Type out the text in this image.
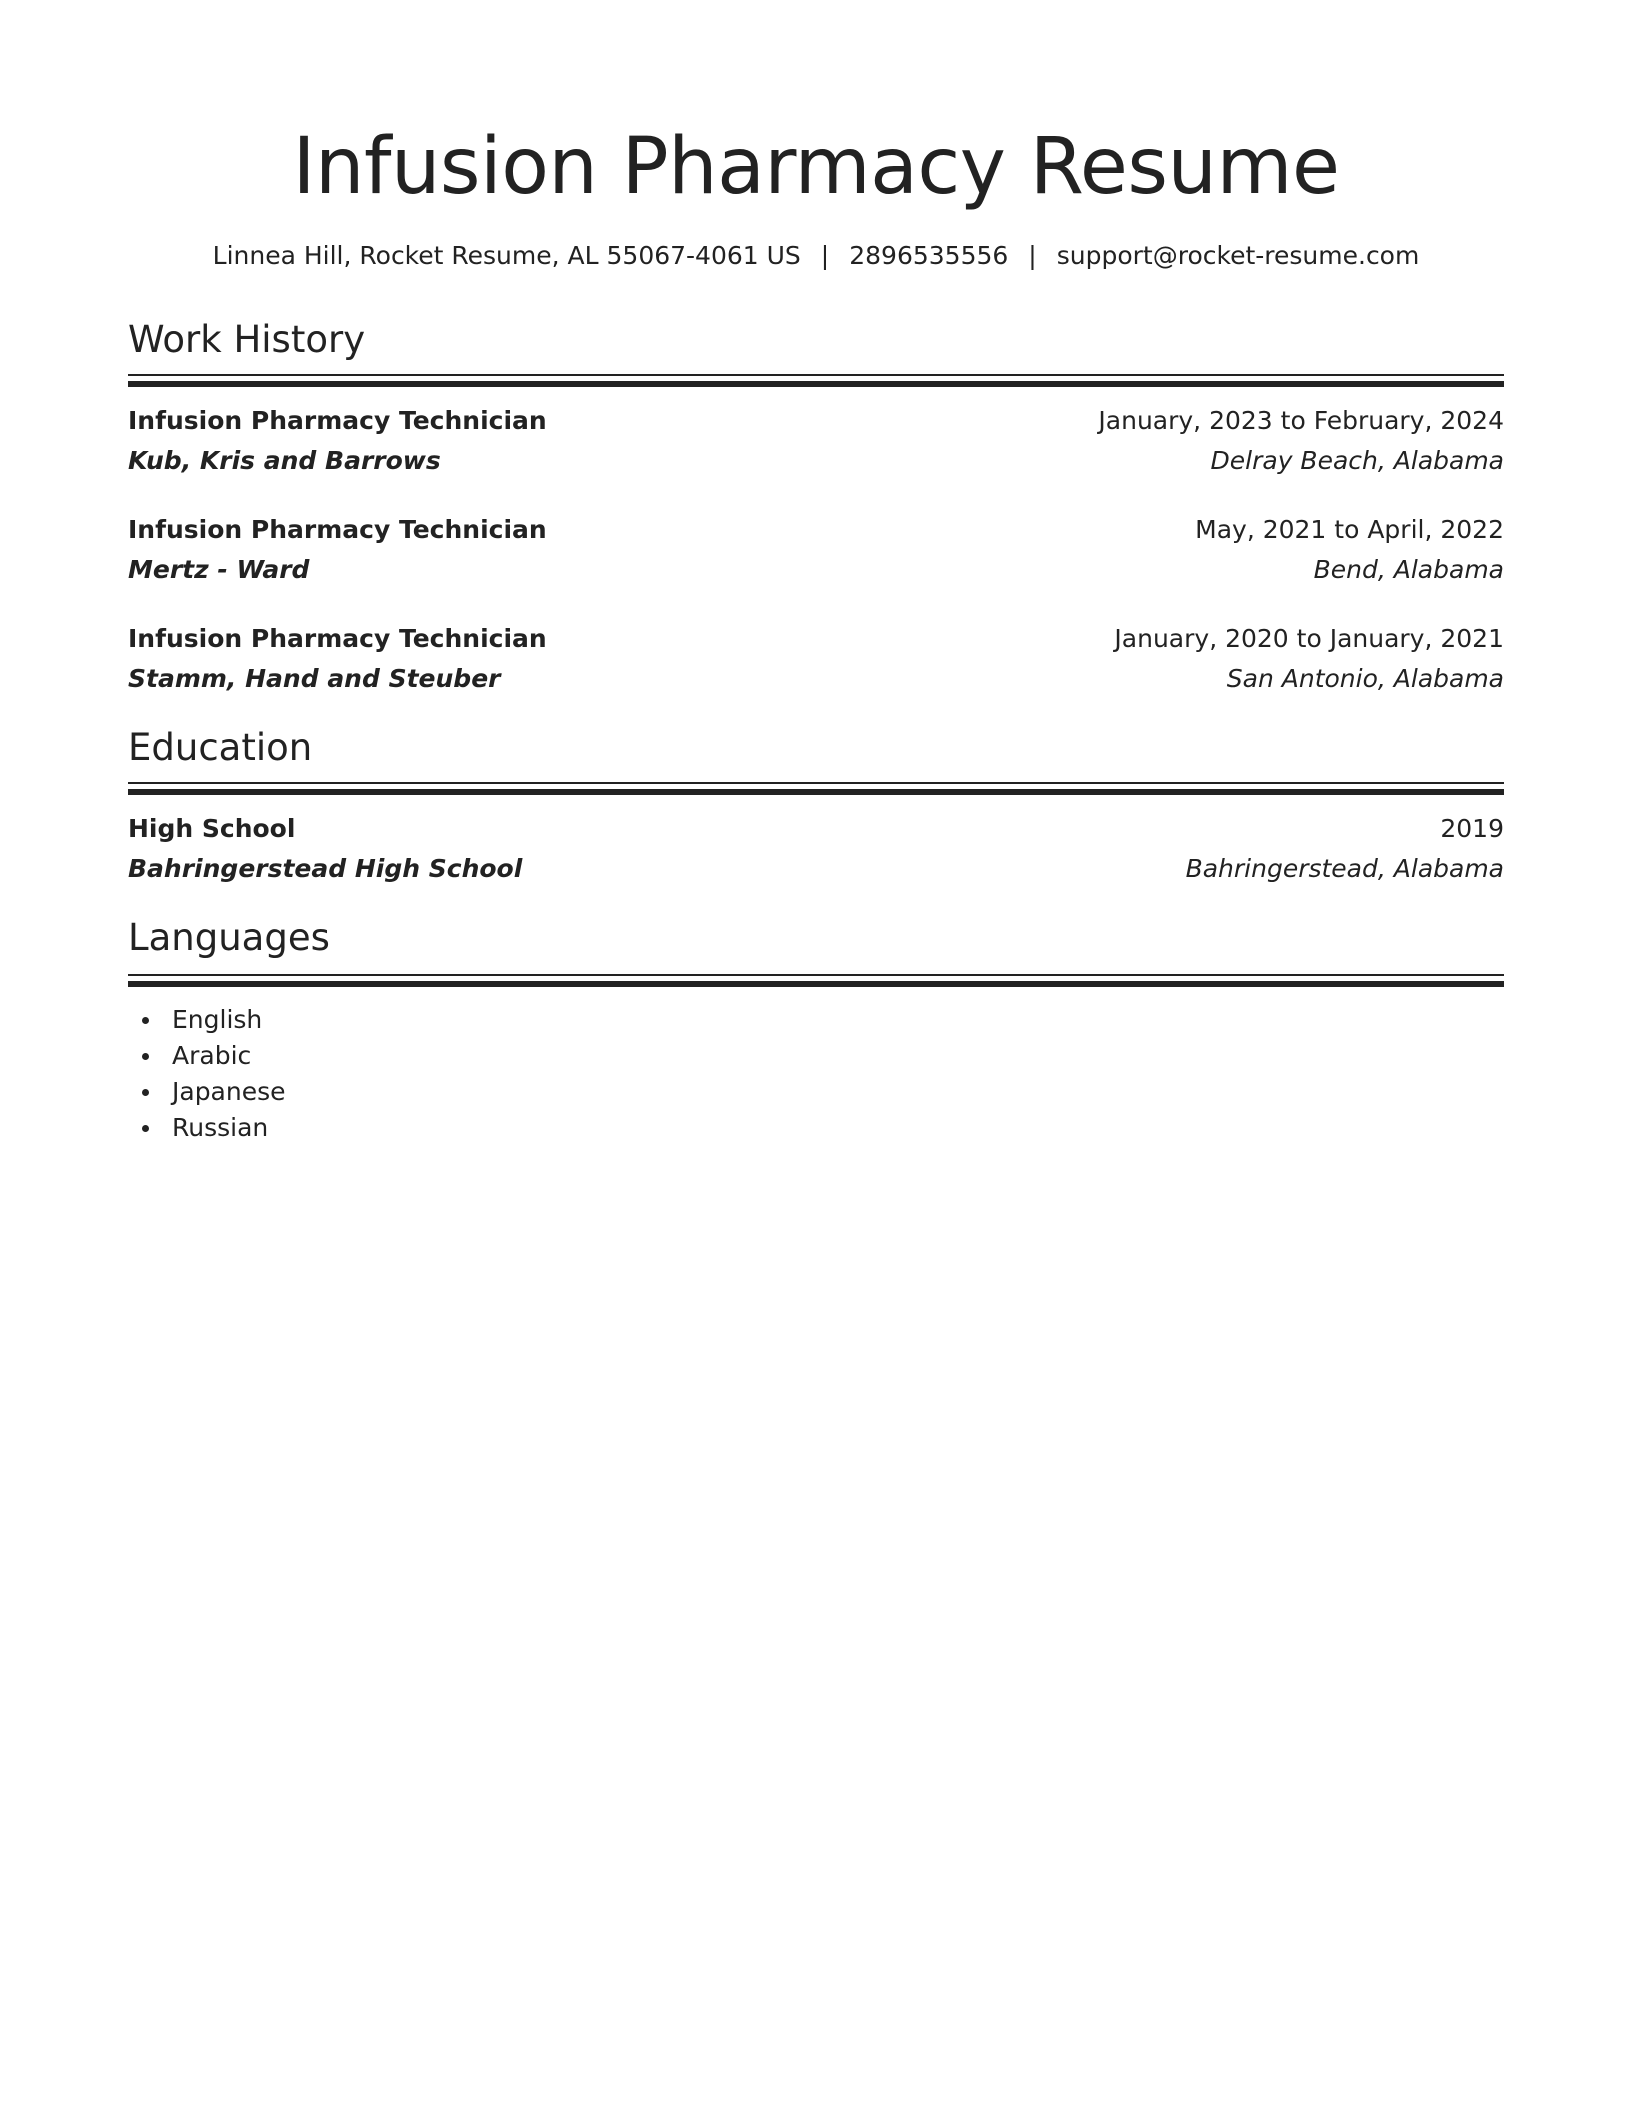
Infusion Pharmacy Resume
Linnea Hill, Rocket Resume, AL 55067-4061 US | 2896535556 | support@rocket-resume.com
Work History
Infusion Pharmacy Technician	January, 2023 to February, 2024
Kub, Kris and Barrows	Delray Beach, Alabama
Infusion Pharmacy Technician	May, 2021 to April, 2022
Mertz - Ward	Bend, Alabama
Infusion Pharmacy Technician	January, 2020 to January, 2021
Stamm, Hand and Steuber	San Antonio, Alabama
Education
High School	2019
Bahringerstead High School	Bahringerstead, Alabama
Languages
English
Arabic
Japanese
Russian
